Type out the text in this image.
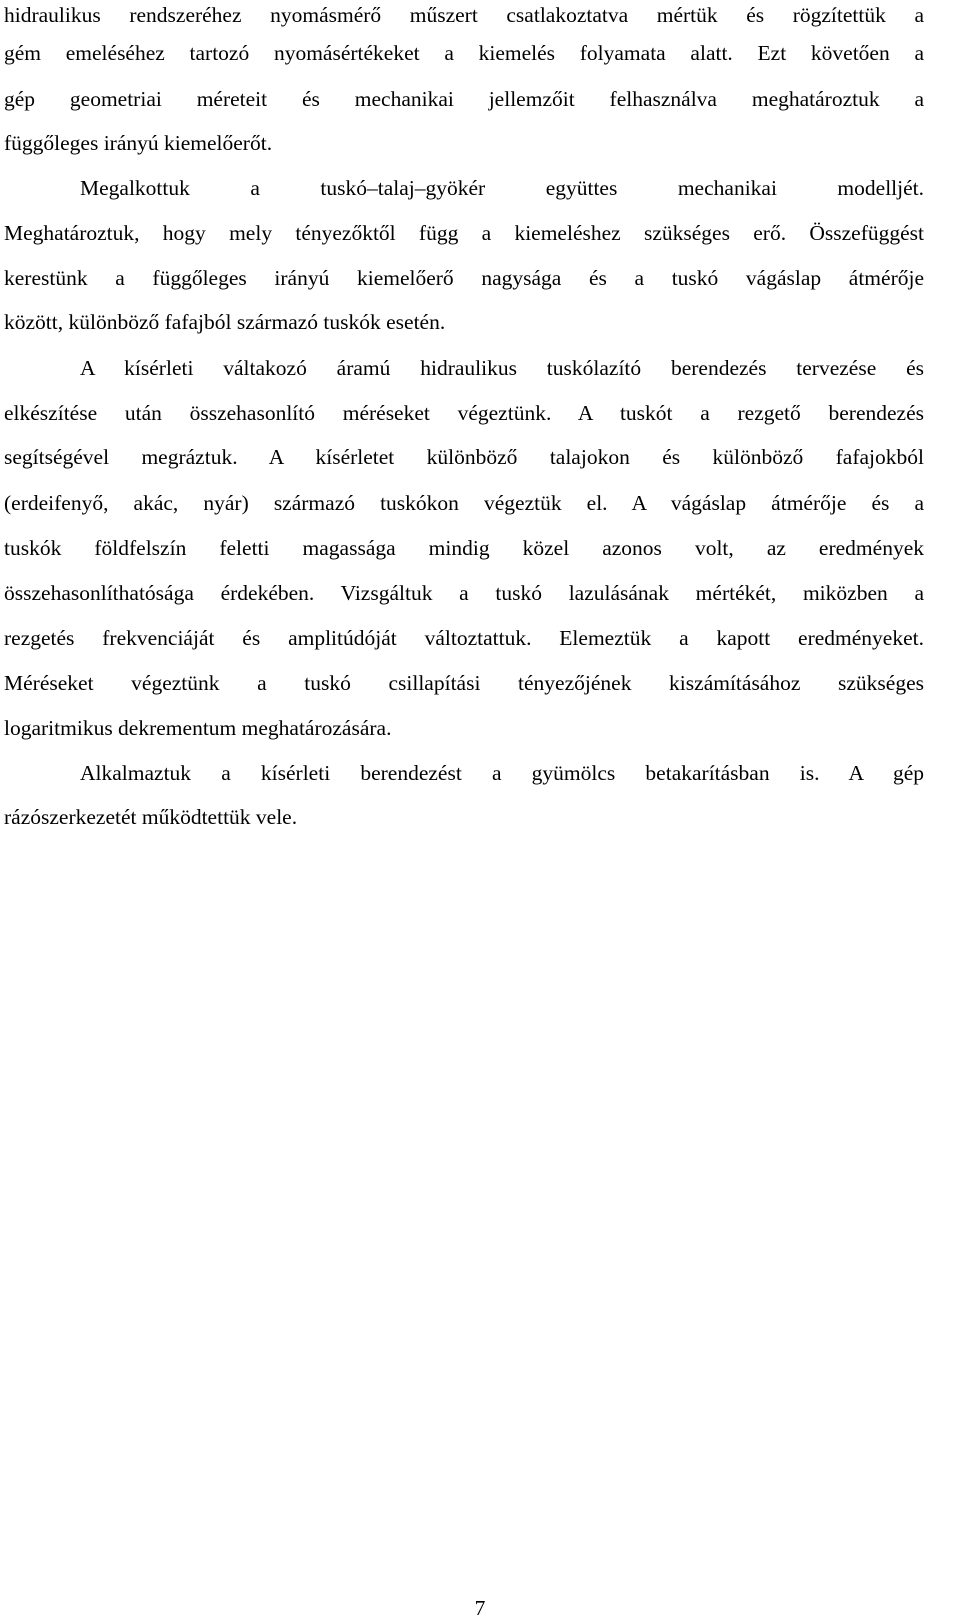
hidraulikus rendszeréhez nyomásmérő műszert csatlakoztatva mértük és rögzítettük a
gém emeléséhez tartozó nyomásértékeket a kiemelés folyamata alatt. Ezt követően a
gép geometriai méreteit és mechanikai jellemzőit felhasználva meghatároztuk a
függőleges irányú kiemelőerőt.
Megalkottuk a tuskó–talaj–gyökér együttes mechanikai modelljét.
Meghatároztuk, hogy mely tényezőktől függ a kiemeléshez szükséges erő. Összefüggést
kerestünk a függőleges irányú kiemelőerő nagysága és a tuskó vágáslap átmérője
között, különböző fafajból származó tuskók esetén.
A kísérleti váltakozó áramú hidraulikus tuskólazító berendezés tervezése és
elkészítése után összehasonlító méréseket végeztünk. A tuskót a rezgető berendezés
segítségével megráztuk. A kísérletet különböző talajokon és különböző fafajokból
(erdeifenyő, akác, nyár) származó tuskókon végeztük el. A vágáslap átmérője és a
tuskók földfelszín feletti magassága mindig közel azonos volt, az eredmények
összehasonlíthatósága érdekében. Vizsgáltuk a tuskó lazulásának mértékét, miközben a
rezgetés frekvenciáját és amplitúdóját változtattuk. Elemeztük a kapott eredményeket.
Méréseket végeztünk a tuskó csillapítási tényezőjének kiszámításához szükséges
logaritmikus dekrementum meghatározására.
Alkalmaztuk a kísérleti berendezést a gyümölcs betakarításban is. A gép
rázószerkezetét működtettük vele.
7
